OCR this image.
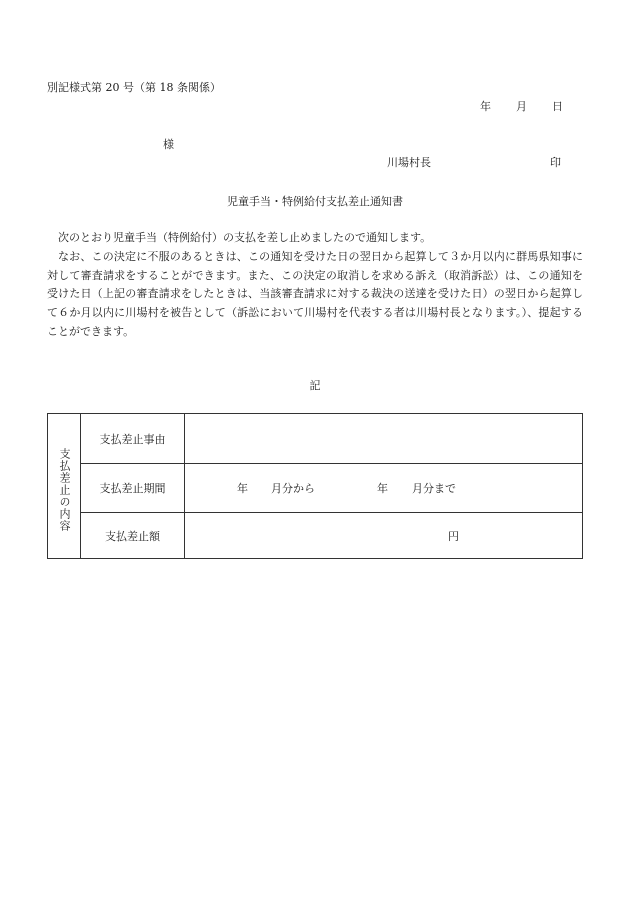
別記様式第 20 号（第 18 条関係）
年 月 日
様
川場村長	印
児童手当・特例給付支払差止通知書

次のとおり児童手当（特例給付）の支払を差し止めましたので通知します。

なお、この決定に不服のあるときは、この通知を受けた日の翌日から起算して３か月以内に群馬県知事に対して審査請求をすることができます。また、この決定の取消しを求める訴え（取消訴訟）は、この通知を受けた日（上記の審査請求をしたときは、当該審査請求に対する裁決の送達を受けた日）の翌日から起算して６か月以内に川場村を被告として（訴訟において川場村を代表する者は川場村長となります。）、提起することができます。

記
支払差止の内容
支払差止事由
支払差止期間	年 月分から	年 月分まで
支払差止額	円
